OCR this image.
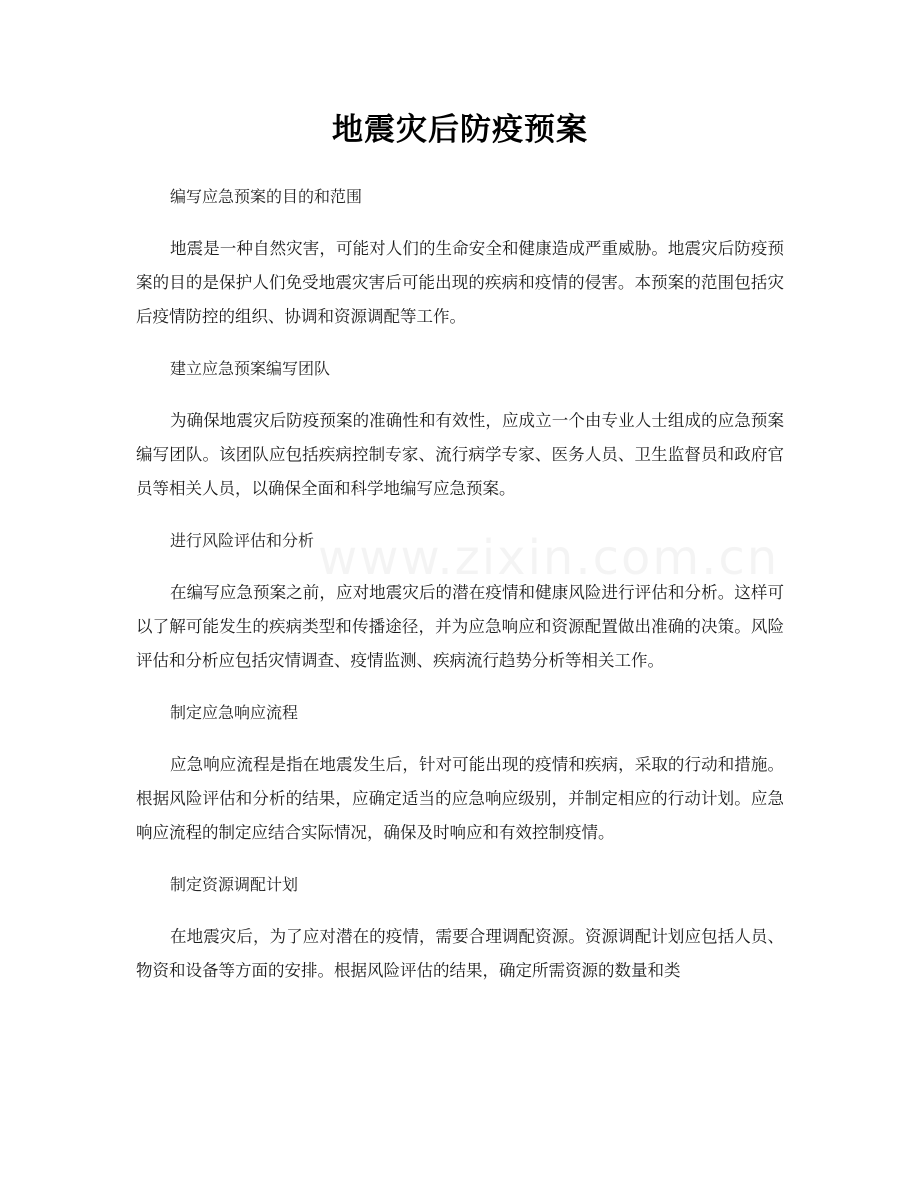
地震灾后防疫预案

编写应急预案的目的和范围

地震是一种自然灾害，可能对人们的生命安全和健康造成严重威胁。地震灾后防疫预案的目的是保护人们免受地震灾害后可能出现的疾病和疫情的侵害。本预案的范围包括灾后疫情防控的组织、协调和资源调配等工作。

建立应急预案编写团队

为确保地震灾后防疫预案的准确性和有效性，应成立一个由专业人士组成的应急预案编写团队。该团队应包括疾病控制专家、流行病学专家、医务人员、卫生监督员和政府官员等相关人员，以确保全面和科学地编写应急预案。

进行风险评估和分析

在编写应急预案之前，应对地震灾后的潜在疫情和健康风险进行评估和分析。这样可以了解可能发生的疾病类型和传播途径，并为应急响应和资源配置做出准确的决策。风险评估和分析应包括灾情调查、疫情监测、疾病流行趋势分析等相关工作。

制定应急响应流程

应急响应流程是指在地震发生后，针对可能出现的疫情和疾病，采取的行动和措施。根据风险评估和分析的结果，应确定适当的应急响应级别，并制定相应的行动计划。应急响应流程的制定应结合实际情况，确保及时响应和有效控制疫情。

制定资源调配计划

在地震灾后，为了应对潜在的疫情，需要合理调配资源。资源调配计划应包括人员、物资和设备等方面的安排。根据风险评估的结果，确定所需资源的数量和类
